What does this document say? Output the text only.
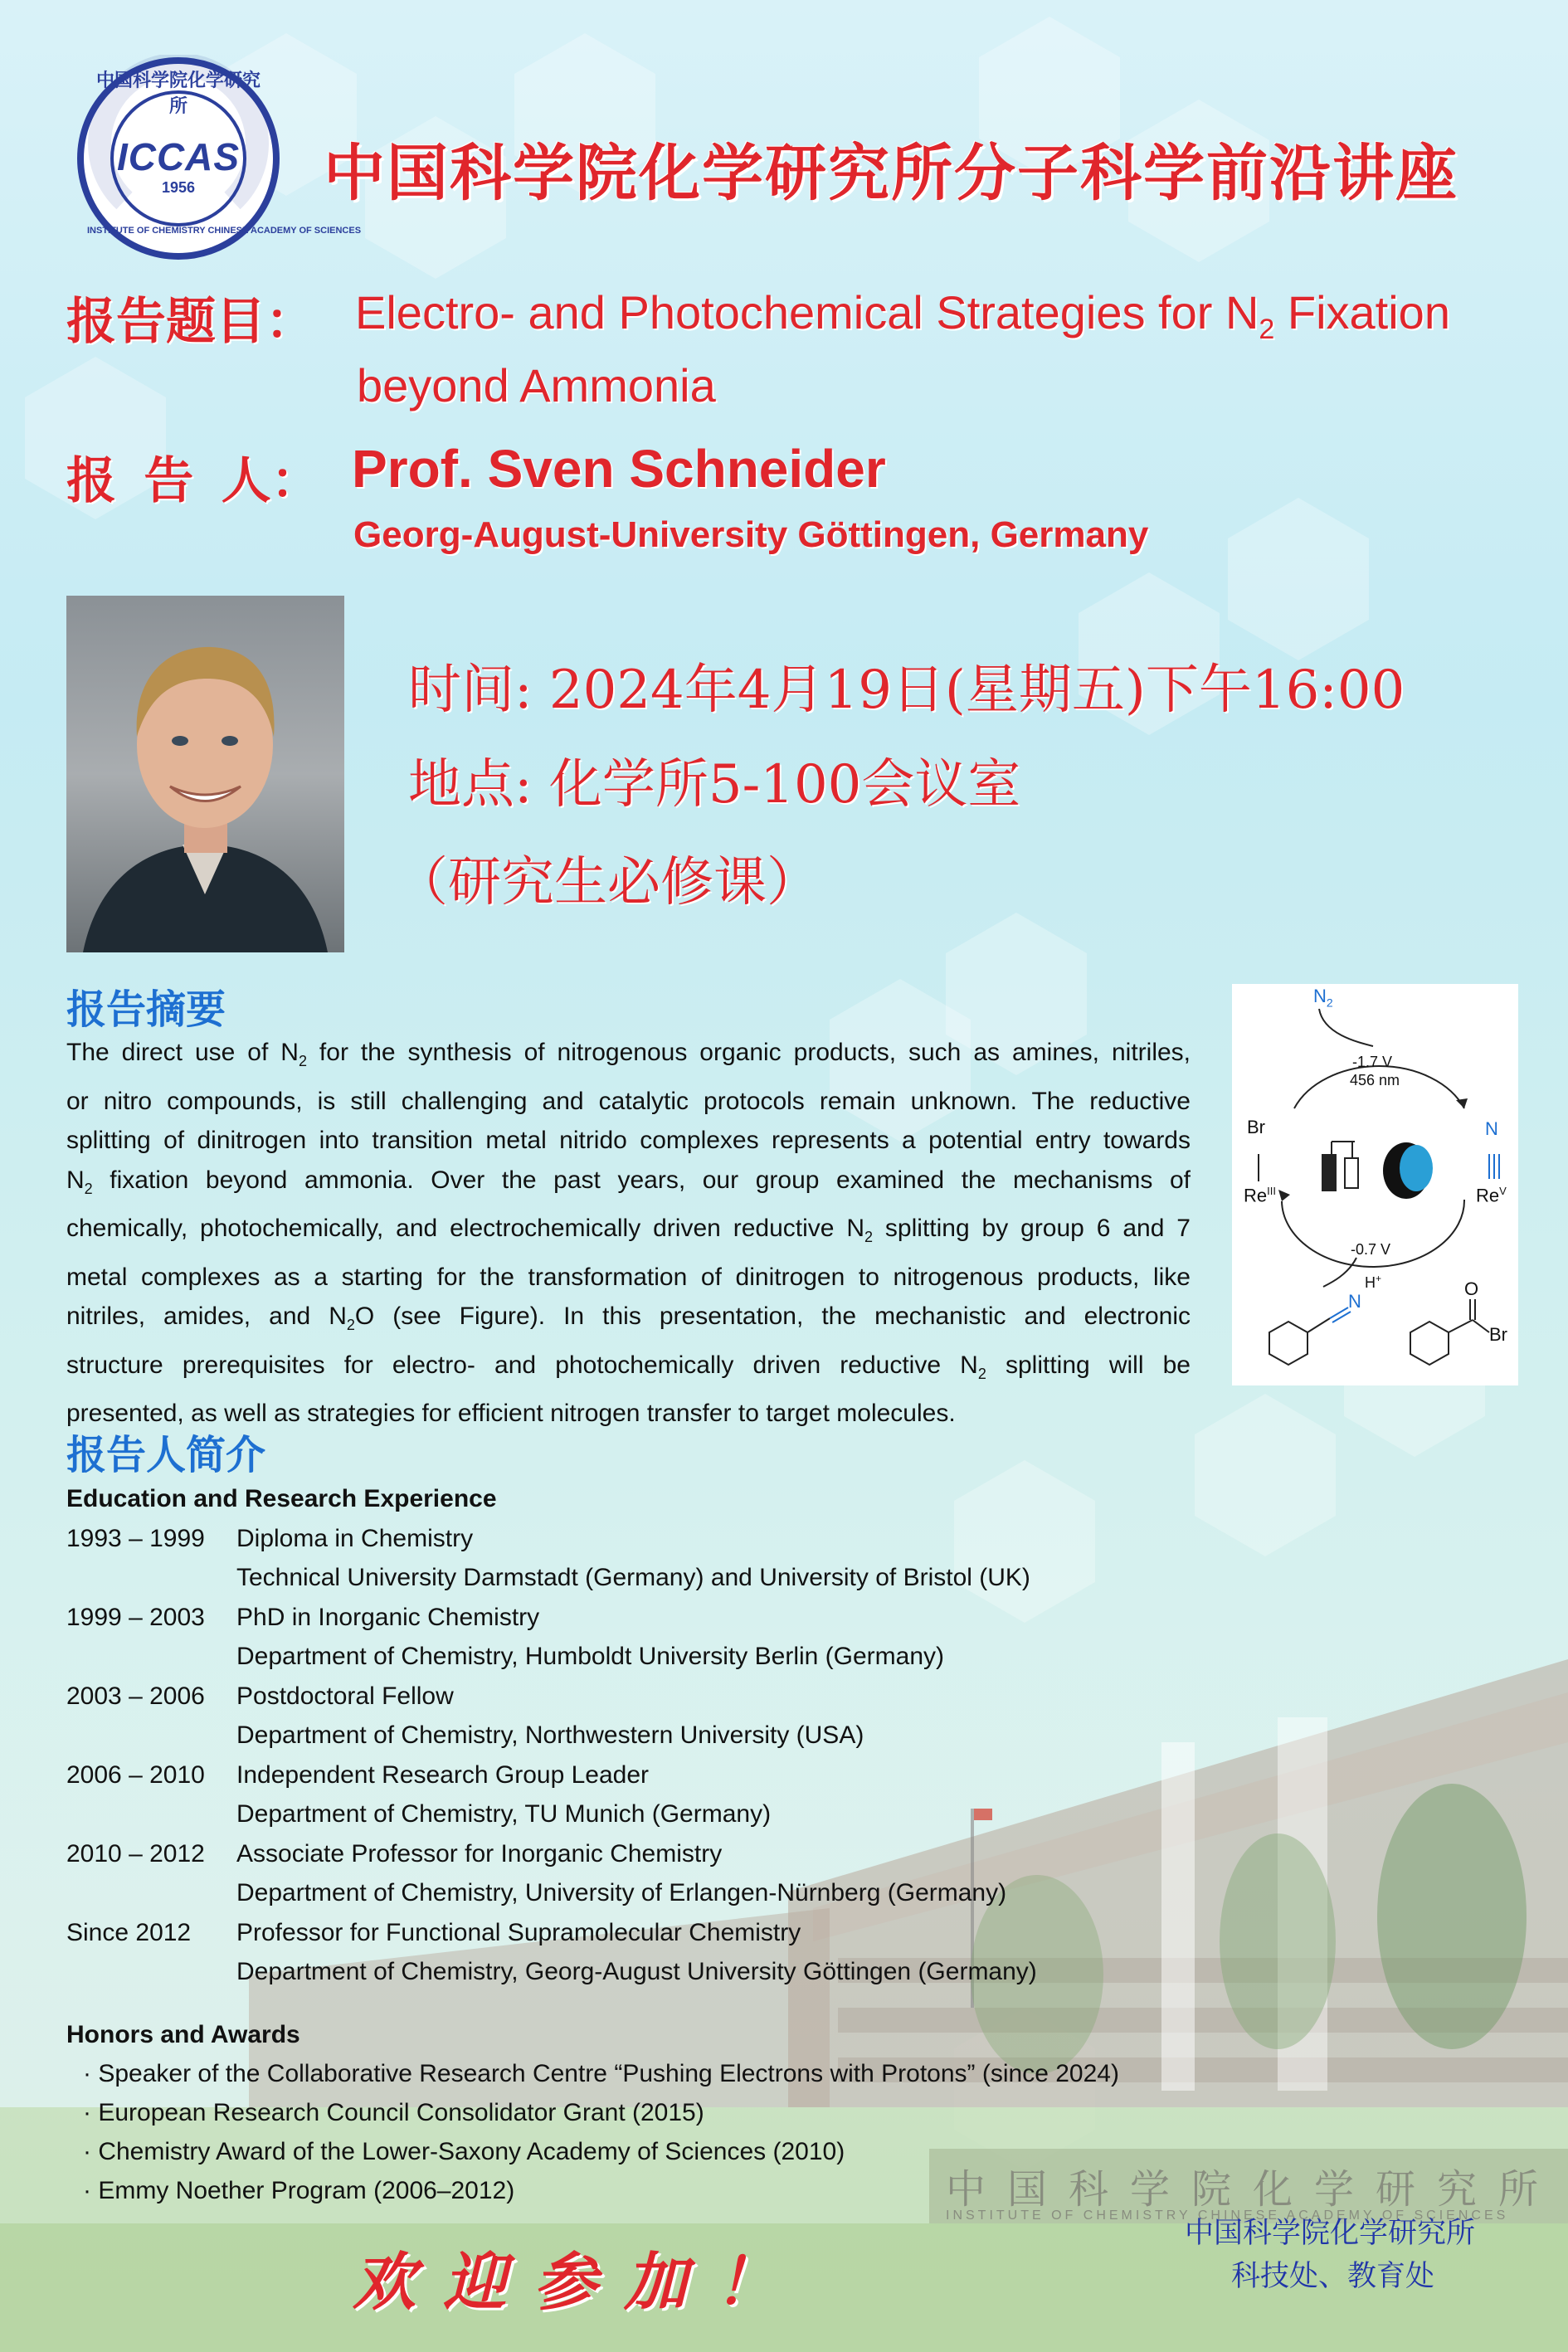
中国科学院化学研究所
INSTITUTE OF CHEMISTRY CHINESE ACADEMY OF SCIENCES
中国科学院化学研究所
ICCAS
1956
INSTITUTE OF CHEMISTRY CHINESE ACADEMY OF SCIENCES
中国科学院化学研究所分子科学前沿讲座
报告题目： Electro- and Photochemical Strategies for $N_2$ Fixation
beyond Ammonia
报  告  人： Prof. Sven Schneider
Georg-August-University Göttingen, Germany
时间: 2024年4月19日(星期五)下午16:00
地点: 化学所5-100会议室
（研究生必修课）
报告摘要
The direct use of $N_2$ for the synthesis of nitrogenous organic products, such as amines, nitriles,
or nitro compounds, is still challenging and catalytic protocols remain unknown. The reductive
splitting of dinitrogen into transition metal nitrido complexes represents a potential entry towards
$N_2$ fixation beyond ammonia. Over the past years, our group examined the mechanisms of
chemically, photochemically, and electrochemically driven reductive $N_2$ splitting by group 6 and 7
metal complexes as a starting for the transformation of dinitrogen to nitrogenous products, like
nitriles, amides, and $N_2O$ (see Figure). In this presentation, the mechanistic and electronic
structure prerequisites for electro- and photochemically driven reductive $N_2$ splitting will be
presented, as well as strategies for efficient nitrogen transfer to target molecules.
$N_2$
-1.7 V
456 nm
Br
$Re^{III}$
N
$Re^V$
-0.7 V
H+
N
O
Br
报告人简介
Education and Research Experience
1993 – 1999 Diploma in Chemistry
Technical University Darmstadt (Germany) and University of Bristol (UK)
1999 – 2003 PhD in Inorganic Chemistry
Department of Chemistry, Humboldt University Berlin (Germany)
2003 – 2006 Postdoctoral Fellow
Department of Chemistry, Northwestern University (USA)
2006 – 2010 Independent Research Group Leader
Department of Chemistry, TU Munich (Germany)
2010 – 2012 Associate Professor for Inorganic Chemistry
Department of Chemistry, University of Erlangen-Nürnberg (Germany)
Since 2012 Professor for Functional Supramolecular Chemistry
Department of Chemistry, Georg-August University Göttingen (Germany)
Honors and Awards
· Speaker of the Collaborative Research Centre “Pushing Electrons with Protons” (since 2024)
· European Research Council Consolidator Grant (2015)
· Chemistry Award of the Lower-Saxony Academy of Sciences (2010)
· Emmy Noether Program (2006–2012)
欢 迎 参 加 ！
中国科学院化学研究所
科技处、教育处
